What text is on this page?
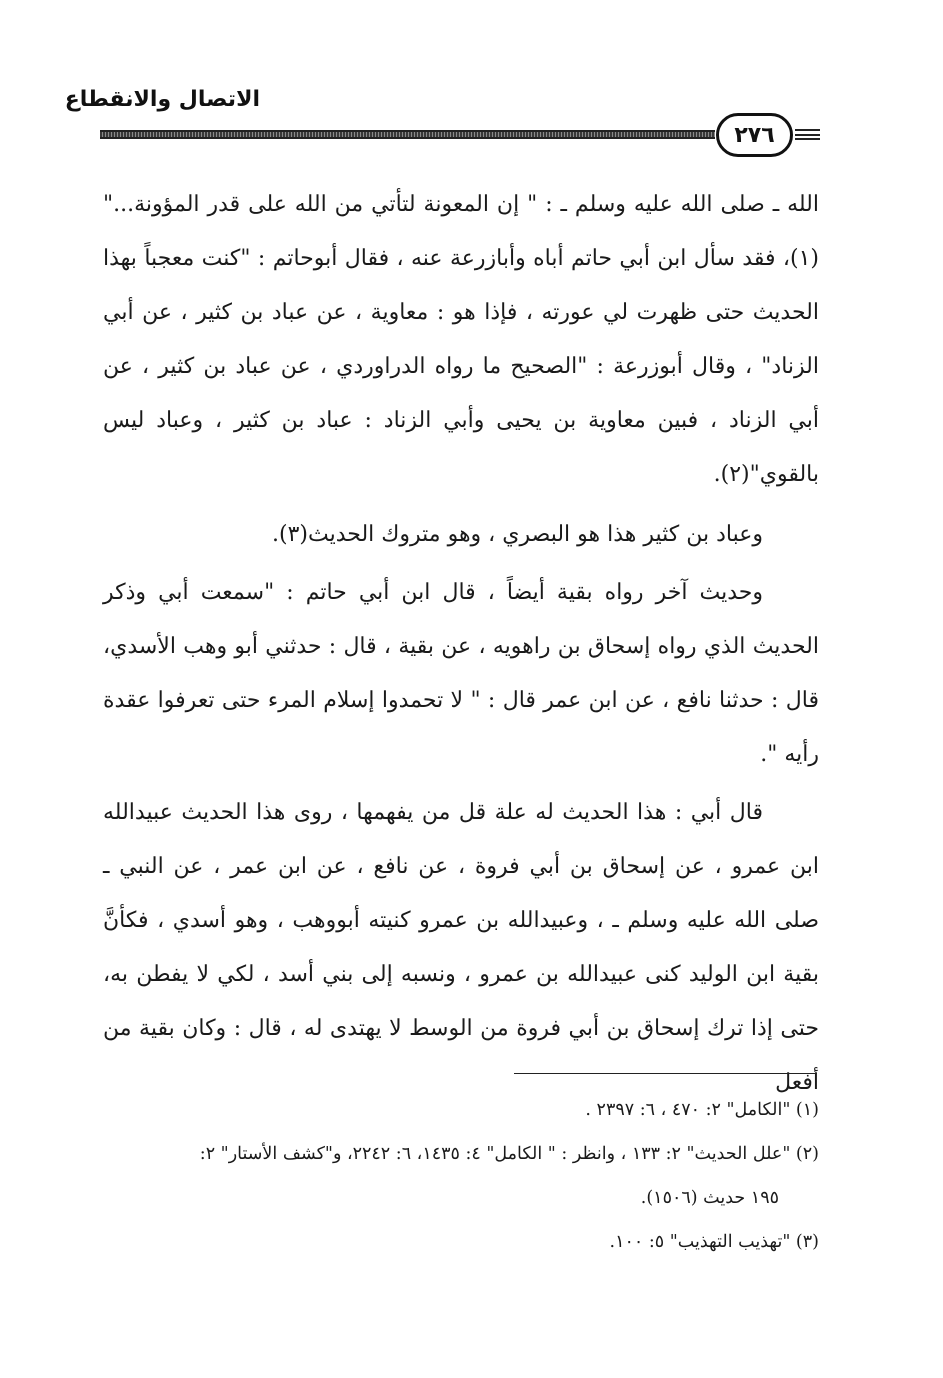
الاتصال والانقطاع
٢٧٦

الله ـ صلى الله عليه وسلم ـ : " إن المعونة لتأتي من الله على قدر المؤونة..."(١)، فقد سأل ابن أبي حاتم أباه وأبازرعة عنه ، فقال أبوحاتم : "كنت معجباً بهذا الحديث حتى ظهرت لي عورته ، فإذا هو : معاوية ، عن عباد بن كثير ، عن أبي الزناد" ، وقال أبوزرعة : "الصحيح ما رواه الدراوردي ، عن عباد بن كثير ، عن أبي الزناد ، فبين معاوية بن يحيى وأبي الزناد : عباد بن كثير ، وعباد ليس بالقوي"(٢).

وعباد بن كثير هذا هو البصري ، وهو متروك الحديث(٣).

وحديث آخر رواه بقية أيضاً ، قال ابن أبي حاتم : "سمعت أبي وذكر الحديث الذي رواه إسحاق بن راهويه ، عن بقية ، قال : حدثني أبو وهب الأسدي، قال : حدثنا نافع ، عن ابن عمر قال : " لا تحمدوا إسلام المرء حتى تعرفوا عقدة رأيه ".

قال أبي : هذا الحديث له علة قل من يفهمها ، روى هذا الحديث عبيدالله ابن عمرو ، عن إسحاق بن أبي فروة ، عن نافع ، عن ابن عمر ، عن النبي ـ صلى الله عليه وسلم ـ ، وعبيدالله بن عمرو كنيته أبووهب ، وهو أسدي ، فكأنَّ بقية ابن الوليد كنى عبيدالله بن عمرو ، ونسبه إلى بني أسد ، لكي لا يفطن به، حتى إذا ترك إسحاق بن أبي فروة من الوسط لا يهتدى له ، قال : وكان بقية من أفعل

(١) "الكامل" ٢: ٤٧٠ ، ٦: ٢٣٩٧ .

(٢) "علل الحديث" ٢: ١٣٣ ، وانظر : " الكامل" ٤: ١٤٣٥، ٦: ٢٢٤٢، و"كشف الأستار" ٢:

١٩٥ حديث (١٥٠٦).

(٣) "تهذيب التهذيب" ٥: ١٠٠.
